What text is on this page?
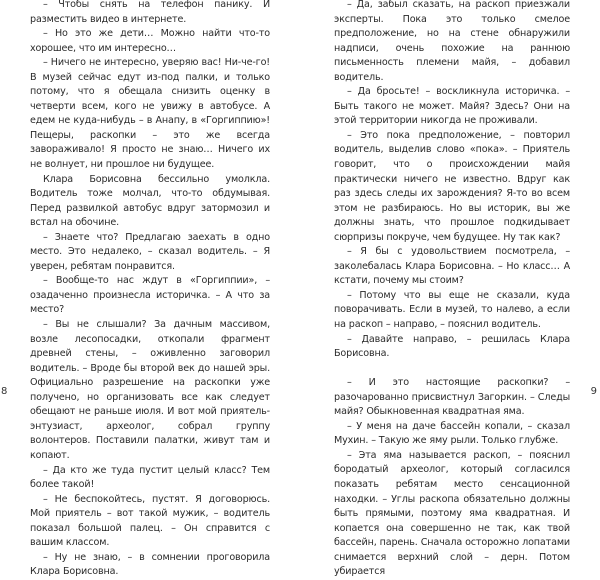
– Чтобы снять на телефон панику. И разместить видео в интернете.

– Но это же дети… Можно найти что-то хорошее, что им интересно…

– Ничего не интересно, уверяю вас! Ни-че-го! В музей сейчас едут из-под палки, и только потому, что я обещала снизить оценку в четверти всем, кого не увижу в автобусе. А едем не куда-нибудь – в Анапу, в «Горгиппию»! Пещеры, раскопки – это же всегда завораживало! Я просто не знаю… Ничего их не волнует, ни прошлое ни будущее.

Клара Борисовна бессильно умолкла. Водитель тоже молчал, что-то обдумывая. Перед развилкой автобус вдруг затормозил и встал на обочине.

– Знаете что? Предлагаю заехать в одно место. Это недалеко, – сказал водитель. – Я уверен, ребятам понравится.

– Вообще-то нас ждут в «Горгиппии», – озадаченно произнесла историчка. – А что за место?

– Вы не слышали? За дачным массивом, возле лесопосадки, откопали фрагмент древней стены, – оживленно заговорил водитель. – Вроде бы второй век до нашей эры. Официально разрешение на раскопки уже получено, но организовать все как следует обещают не раньше июля. И вот мой приятель-энтузиаст, археолог, собрал группу волонтеров. Поставили палатки, живут там и копают.

– Да кто же туда пустит целый класс? Тем более такой!

– Не беспокойтесь, пустят. Я договорюсь. Мой приятель – вот такой мужик, – водитель показал большой палец. – Он справится с вашим классом.

– Ну не знаю, – в сомнении проговорила Клара Борисовна.

8

– Да, забыл сказать, на раскоп приезжали эксперты. Пока это только смелое предположение, но на стене обнаружили надписи, очень похожие на раннюю письменность племени майя, – добавил водитель.

– Да бросьте! – воскликнула историчка. – Быть такого не может. Майя? Здесь? Они на этой территории никогда не проживали.

– Это пока предположение, – повторил водитель, выделив слово «пока». – Приятель говорит, что о происхождении майя практически ничего не известно. Вдруг как раз здесь следы их зарождения? Я-то во всем этом не разбираюсь. Но вы историк, вы же должны знать, что прошлое подкидывает сюрпризы покруче, чем будущее. Ну так как?

– Я бы с удовольствием посмотрела, – заколебалась Клара Борисовна. – Но класс… А кстати, почему мы стоим?

– Потому что вы еще не сказали, куда поворачивать. Если в музей, то налево, а если на раскоп – направо, – пояснил водитель.

– Давайте направо, – решилась Клара Борисовна.

– И это настоящие раскопки? – разочарованно присвистнул Загоркин. – Следы майя? Обыкновенная квадратная яма.

– У меня на даче бассейн копали, – сказал Мухин. – Такую же яму рыли. Только глубже.

– Эта яма называется раскоп, – пояснил бородатый археолог, который согласился показать ребятам место сенсационной находки. – Углы раскопа обязательно должны быть прямыми, поэтому яма квадратная. И копается она совершенно не так, как твой бассейн, парень. Сначала осторожно лопатами снимается верхний слой – дерн. Потом убирается

9
